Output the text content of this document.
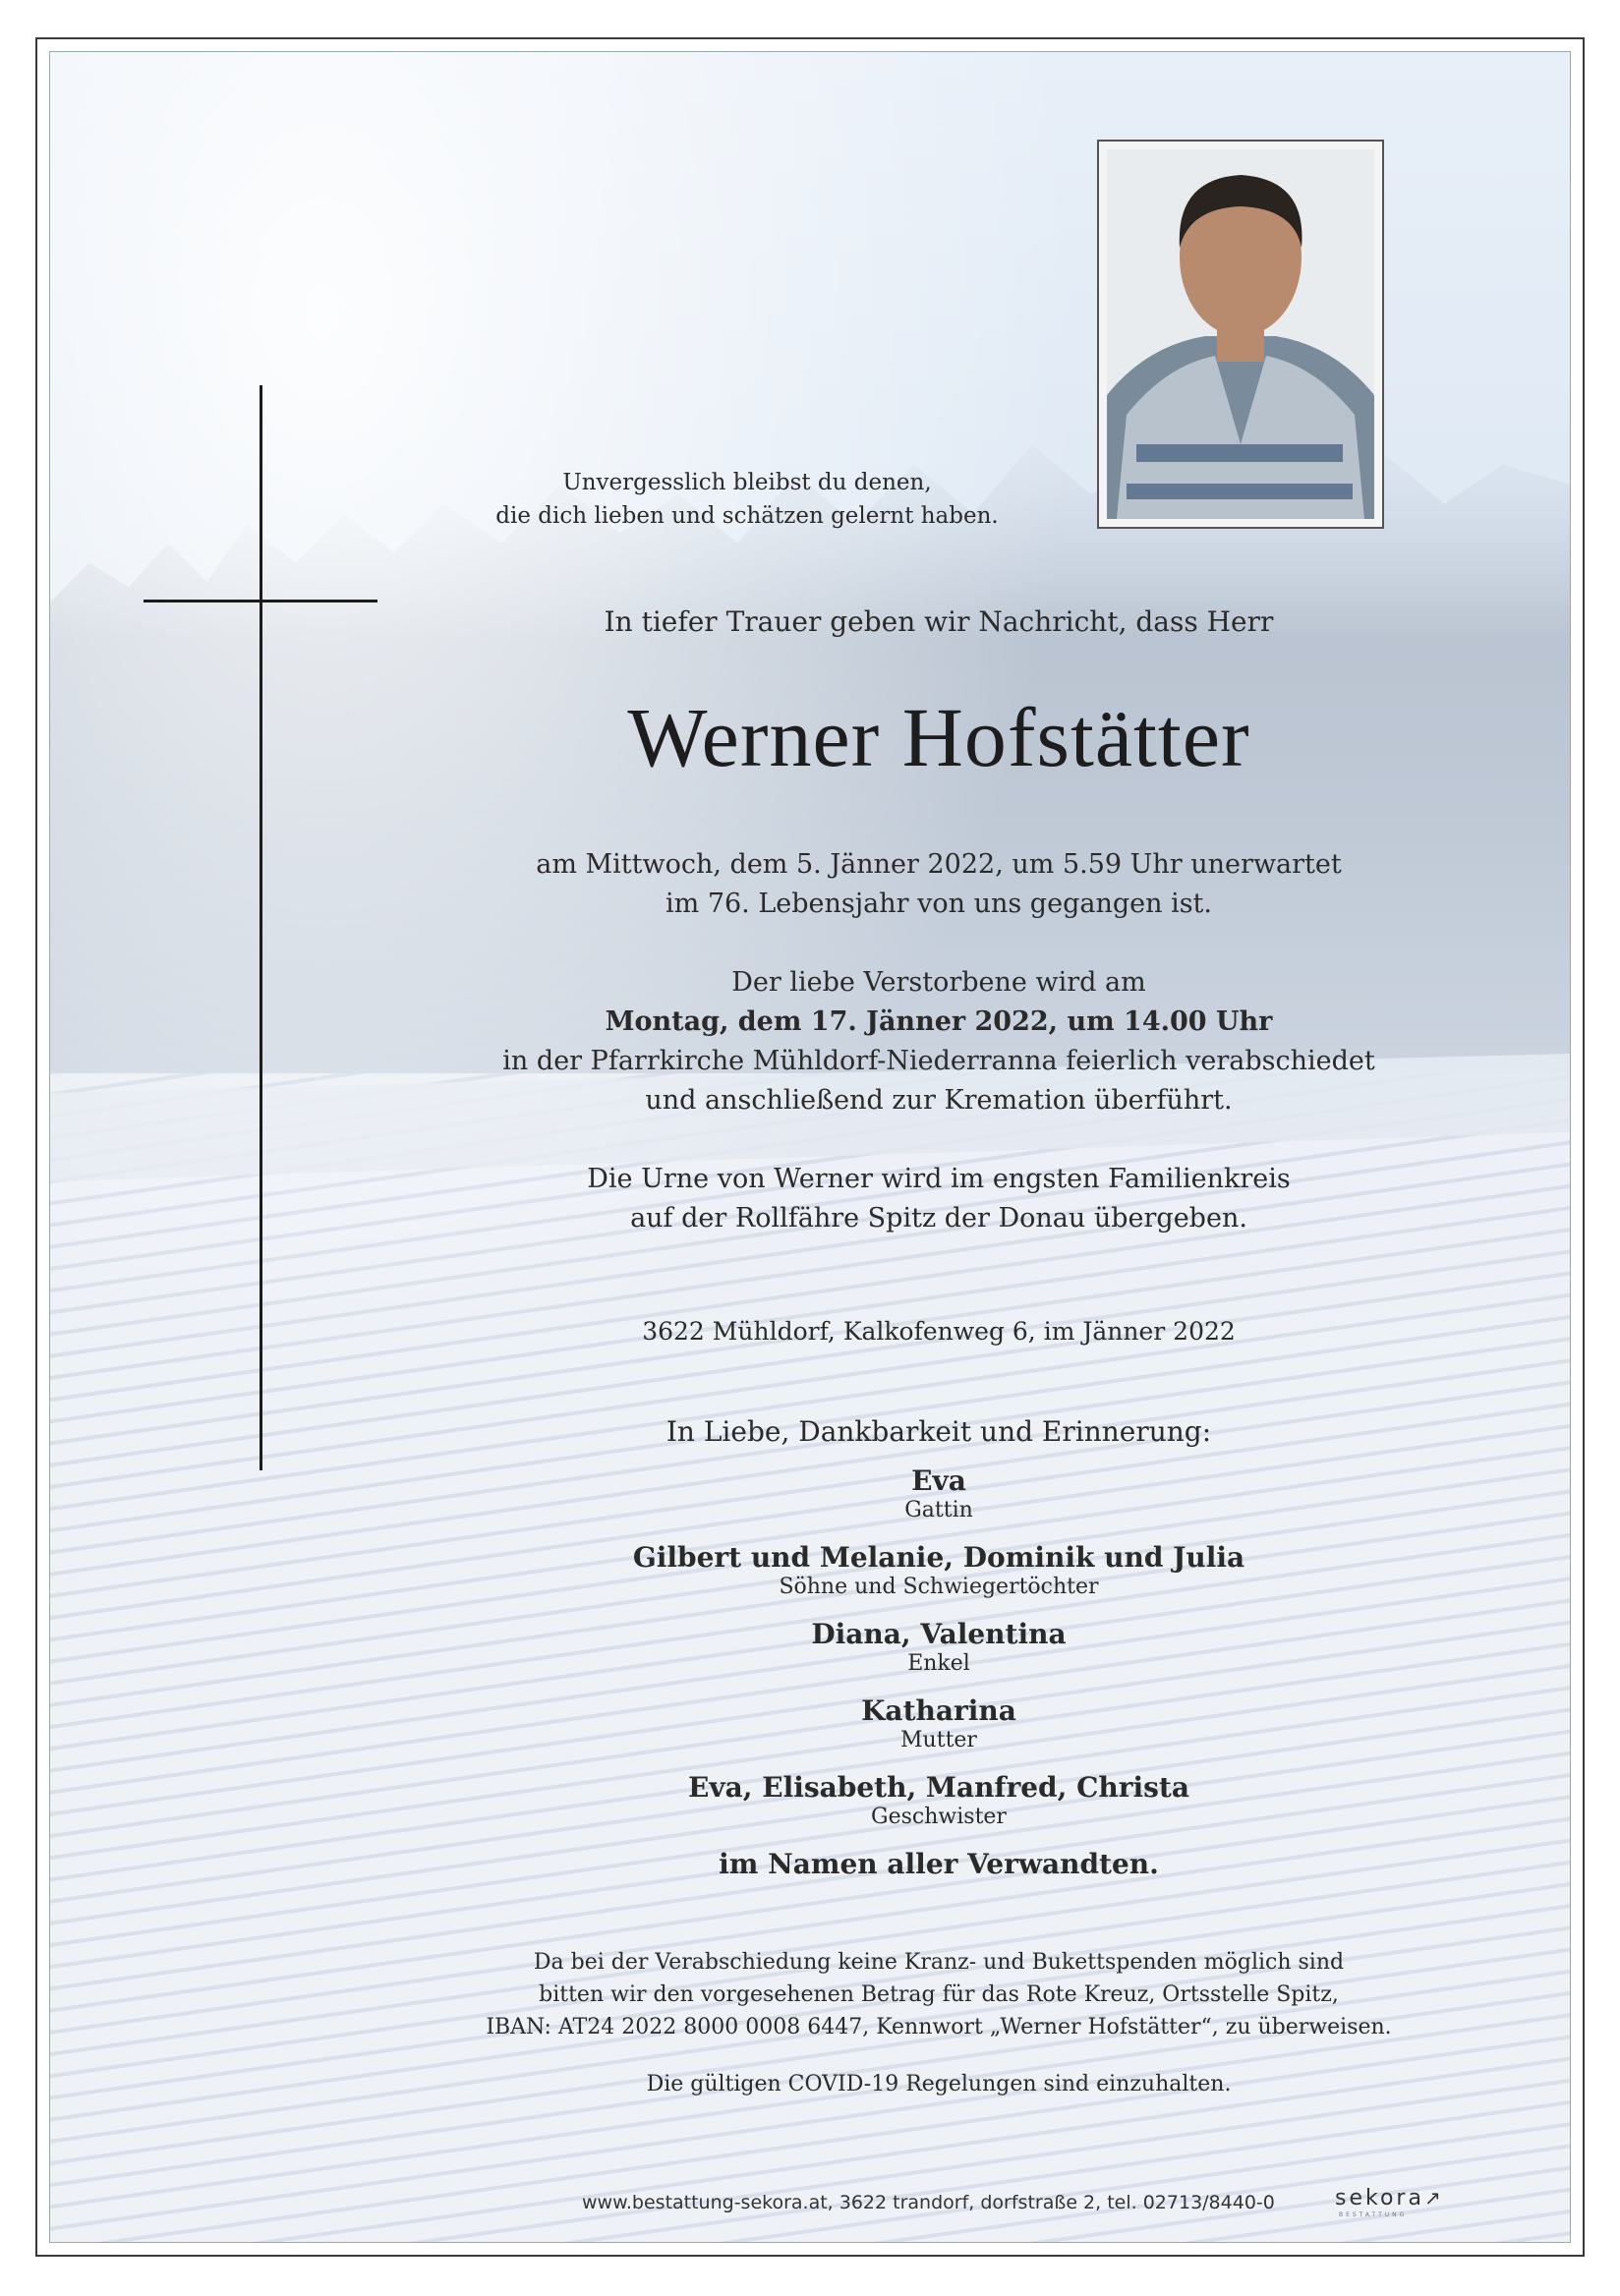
Unvergesslich bleibst du denen,
die dich lieben und schätzen gelernt haben.
In tiefer Trauer geben wir Nachricht, dass Herr
Werner Hofstätter
am Mittwoch, dem 5. Jänner 2022, um 5.59 Uhr unerwartet
im 76. Lebensjahr von uns gegangen ist.
Der liebe Verstorbene wird am
Montag, dem 17. Jänner 2022, um 14.00 Uhr
in der Pfarrkirche Mühldorf-Niederranna feierlich verabschiedet
und anschließend zur Kremation überführt.
Die Urne von Werner wird im engsten Familienkreis
auf der Rollfähre Spitz der Donau übergeben.
3622 Mühldorf, Kalkofenweg 6, im Jänner 2022
In Liebe, Dankbarkeit und Erinnerung:
Eva
Gattin
Gilbert und Melanie, Dominik und Julia
Söhne und Schwiegertöchter
Diana, Valentina
Enkel
Katharina
Mutter
Eva, Elisabeth, Manfred, Christa
Geschwister
im Namen aller Verwandten.
Da bei der Verabschiedung keine Kranz- und Bukettspenden möglich sind
bitten wir den vorgesehenen Betrag für das Rote Kreuz, Ortsstelle Spitz,
IBAN: AT24 2022 8000 0008 6447, Kennwort „Werner Hofstätter“, zu überweisen.
Die gültigen COVID-19 Regelungen sind einzuhalten.
www.bestattung-sekora.at, 3622 trandorf, dorfstraße 2, tel. 02713/8440-0	sekora↗
BESTATTUNG
